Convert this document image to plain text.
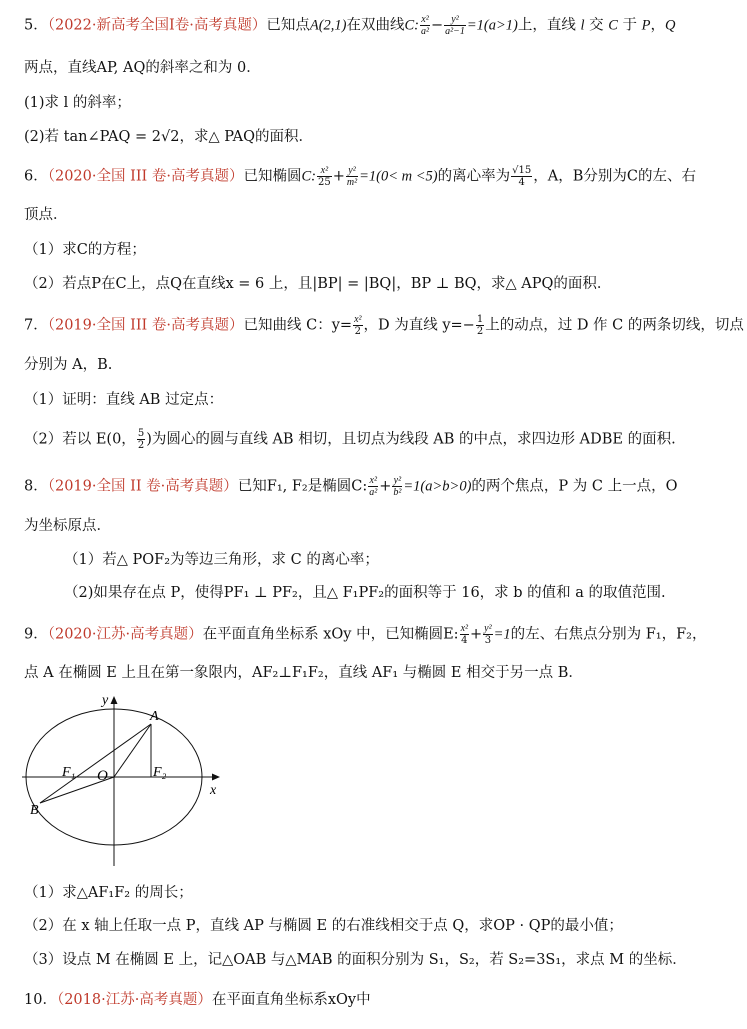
5．（2022·新高考全国Ⅰ卷·高考真题）已知点A(2,1)在双曲线C: $\frac{\text{x²}}{\text{a²}} - \frac{\text{y²}}{\text{a²−1}} =1(a>1)$上，直线 l 交 C 于 P，Q
两点，直线AP, AQ的斜率之和为 0．
(1)求 l 的斜率；
(2)若 tan∠PAQ = 2√2，求△ PAQ的面积．
6．（2020·全国 III 卷·高考真题）已知椭圆C: $\frac{\text{x²}}{25} + \frac{\text{y²}}{\text{m²}} =1(0< m <5)$的离心率为 $\frac{√15}{4}$ ，A，B分别为C的左、右
顶点．
（1）求C的方程；
（2）若点P在C上，点Q在直线x = 6 上，且|BP| = |BQ|，BP ⊥ BQ，求△ APQ的面积．
7．（2019·全国 III 卷·高考真题）已知曲线 C：$y= \frac{\text{x²}}{2}$ ，D 为直线 $y=- \frac{1}{2}$ 上的动点，过 D 作 C 的两条切线，切点
分别为 A，B.
（1）证明：直线 AB 过定点：
（2）若以 E(0， $\frac{5}{2}$ )为圆心的圆与直线 AB 相切，且切点为线段 AB 的中点，求四边形 ADBE 的面积.
8．（2019·全国 II 卷·高考真题）已知F₁, F₂是椭圆C: $\frac{\text{x²}}{\text{a²}} + \frac{\text{y²}}{\text{b²}} =1(a>b>0)$的两个焦点，P 为 C 上一点，O
为坐标原点．
（1）若△ POF₂为等边三角形，求 C 的离心率；
（2)如果存在点 P，使得PF₁ ⊥ PF₂，且△ F₁PF₂的面积等于 16，求 b 的值和 a 的取值范围.
9．（2020·江苏·高考真题）在平面直角坐标系 xOy 中，已知椭圆E: $\frac{\text{x²}}{4} + \frac{\text{y²}}{3} =1$的左、右焦点分别为 F₁，F₂，
点 A 在椭圆 E 上且在第一象限内，AF₂⊥F₁F₂，直线 AF₁ 与椭圆 E 相交于另一点 B．
y
x
A
B
O
F₁	F₂
（1）求△AF₁F₂ 的周长；
（2）在 x 轴上任取一点 P，直线 AP 与椭圆 E 的右准线相交于点 Q，求OP · QP的最小值；
（3）设点 M 在椭圆 E 上，记△OAB 与△MAB 的面积分别为 S₁，S₂，若 S₂=3S₁，求点 M 的坐标．
10．（2018·江苏·高考真题）在平面直角坐标系xOy中
